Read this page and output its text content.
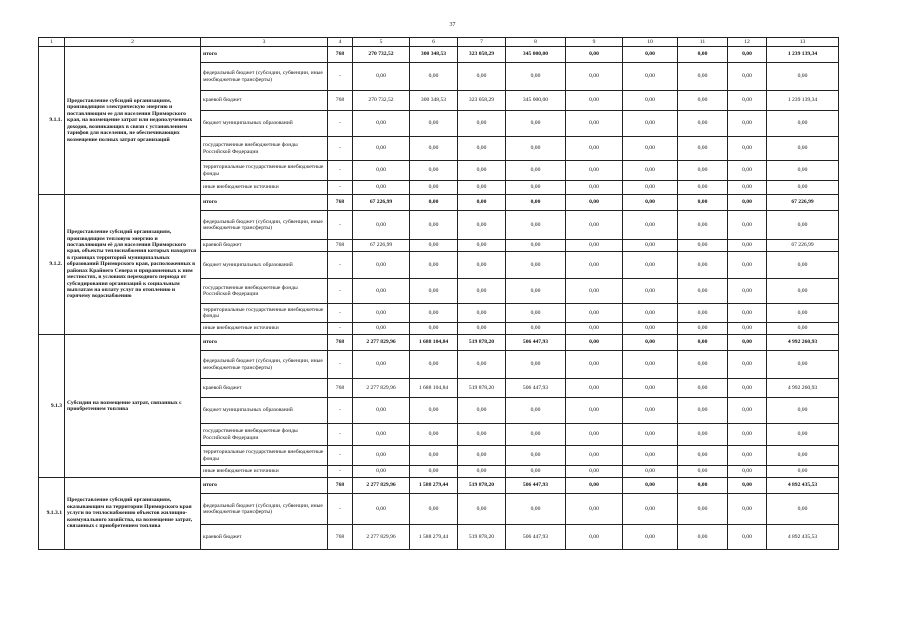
37
1	2	3	4	5	6	7	8	9	10	11	12	13
9.1.1.	Предоставление субсидий организациям, производящим электрическую энергию и поставляющим ее для населения Приморского края, на возмещение затрат или недополученных доходов, возникающих в связи с установлением тарифов для населения, не обеспечивающих возмещение полных затрат организаций	итого	768	270 732,52	300 348,53	323 058,29	345 000,00	0,00	0,00	0,00	0,00	1 239 139,34
		федеральный бюджет (субсидии, субвенции, иные межбюджетные трансферты)	-	0,00	0,00	0,00	0,00	0,00	0,00	0,00	0,00	0,00
		краевой бюджет	768	270 732,52	300 348,53	323 058,29	345 000,00	0,00	0,00	0,00	0,00	1 239 139,34
		бюджет муниципальных образований	-	0,00	0,00	0,00	0,00	0,00	0,00	0,00	0,00	0,00
		государственные внебюджетные фонды Российской Федерации	-	0,00	0,00	0,00	0,00	0,00	0,00	0,00	0,00	0,00
		территориальные государственные внебюджетные фонды	-	0,00	0,00	0,00	0,00	0,00	0,00	0,00	0,00	0,00
		иные внебюджетные источники	-	0,00	0,00	0,00	0,00	0,00	0,00	0,00	0,00	0,00
9.1.2.	Предоставление субсидий организациям, производящим тепловую энергию и поставляющим её для населения Приморского края, объекты теплоснабжения которых находятся в границах территорий муниципальных образований Приморского края, расположенных в районах Крайнего Севера и приравненных к ним местностях, в условиях переходного периода от субсидирования организаций к социальным выплатам на оплату услуг по отоплению и горячему водоснабжению	итого	768	67 226,99	0,00	0,00	0,00	0,00	0,00	0,00	0,00	67 226,99
		федеральный бюджет (субсидии, субвенции, иные межбюджетные трансферты)	-	0,00	0,00	0,00	0,00	0,00	0,00	0,00	0,00	0,00
		краевой бюджет	768	67 226,99	0,00	0,00	0,00	0,00	0,00	0,00	0,00	67 226,99
		бюджет муниципальных образований	-	0,00	0,00	0,00	0,00	0,00	0,00	0,00	0,00	0,00
		государственные внебюджетные фонды Российской Федерации	-	0,00	0,00	0,00	0,00	0,00	0,00	0,00	0,00	0,00
		территориальные государственные внебюджетные фонды	-	0,00	0,00	0,00	0,00	0,00	0,00	0,00	0,00	0,00
		иные внебюджетные источники	-	0,00	0,00	0,00	0,00	0,00	0,00	0,00	0,00	0,00
9.1.3	Субсидии на возмещение затрат, связанных с приобретением топлива	итого	768	2 277 829,96	1 688 104,84	519 878,20	506 447,93	0,00	0,00	0,00	0,00	4 992 260,93
		федеральный бюджет (субсидии, субвенции, иные межбюджетные трансферты)	-	0,00	0,00	0,00	0,00	0,00	0,00	0,00	0,00	0,00
		краевой бюджет	768	2 277 829,96	1 688 104,84	519 878,20	506 447,93	0,00	0,00	0,00	0,00	4 992 260,93
		бюджет муниципальных образований	-	0,00	0,00	0,00	0,00	0,00	0,00	0,00	0,00	0,00
		государственные внебюджетные фонды Российской Федерации	-	0,00	0,00	0,00	0,00	0,00	0,00	0,00	0,00	0,00
		территориальные государственные внебюджетные фонды	-	0,00	0,00	0,00	0,00	0,00	0,00	0,00	0,00	0,00
		иные внебюджетные источники	-	0,00	0,00	0,00	0,00	0,00	0,00	0,00	0,00	0,00
9.1.3.1	Предоставление субсидий организациям, оказывающим на территории Приморского края услуги по теплоснабжению объектов жилищно-коммунального хозяйства, на возмещение затрат, связанных с приобретением топлива	итого	768	2 277 829,96	1 588 279,44	519 878,20	506 447,93	0,00	0,00	0,00	0,00	4 892 435,53
		федеральный бюджет (субсидии, субвенции, иные межбюджетные трансферты)	-	0,00	0,00	0,00	0,00	0,00	0,00	0,00	0,00	0,00
		краевой бюджет	768	2 277 829,96	1 588 279,44	519 878,20	506 447,93	0,00	0,00	0,00	0,00	4 892 435,53
